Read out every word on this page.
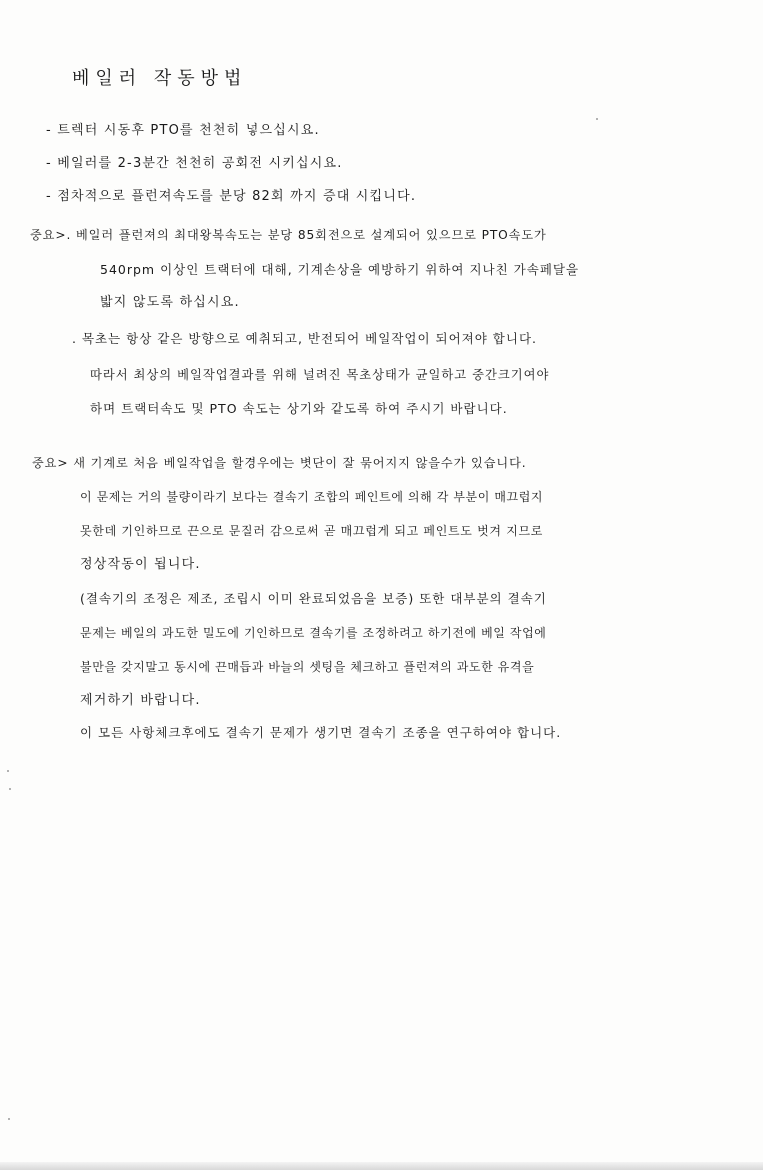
베일러 작동방법
- 트렉터 시동후 PTO를 천천히 넣으십시요.
- 베일러를 2-3분간 천천히 공회전 시키십시요.
- 점차적으로 플런져속도를 분당 82회 까지 증대 시킵니다.
중요>. 베일러 플런져의 최대왕복속도는 분당 85회전으로 설계되어 있으므로 PTO속도가
540rpm 이상인 트랙터에 대해, 기계손상을 예방하기 위하여 지나친 가속페달을
밟지 않도록 하십시요.
. 목초는 항상 같은 방향으로 예취되고, 반전되어 베일작업이 되어져야 합니다.
따라서 최상의 베일작업결과를 위해 널려진 목초상태가 균일하고 중간크기여야
하며 트랙터속도 및 PTO 속도는 상기와 같도록 하여 주시기 바랍니다.
중요> 새 기계로 처음 베일작업을 할경우에는 볏단이 잘 묶어지지 않을수가 있습니다.
이 문제는 거의 불량이라기 보다는 결속기 조합의 페인트에 의해 각 부분이 매끄럽지
못한데 기인하므로 끈으로 문질러 감으로써 곧 매끄럽게 되고 페인트도 벗겨 지므로
정상작동이 됩니다.
(결속기의 조정은 제조, 조립시 이미 완료되었음을 보증) 또한 대부분의 결속기
문제는 베일의 과도한 밀도에 기인하므로 결속기를 조정하려고 하기전에 베일 작업에
불만을 갖지말고 동시에 끈매듭과 바늘의 셋팅을 체크하고 플런져의 과도한 유격을
제거하기 바랍니다.
이 모든 사항체크후에도 결속기 문제가 생기면 결속기 조종을 연구하여야 합니다.
